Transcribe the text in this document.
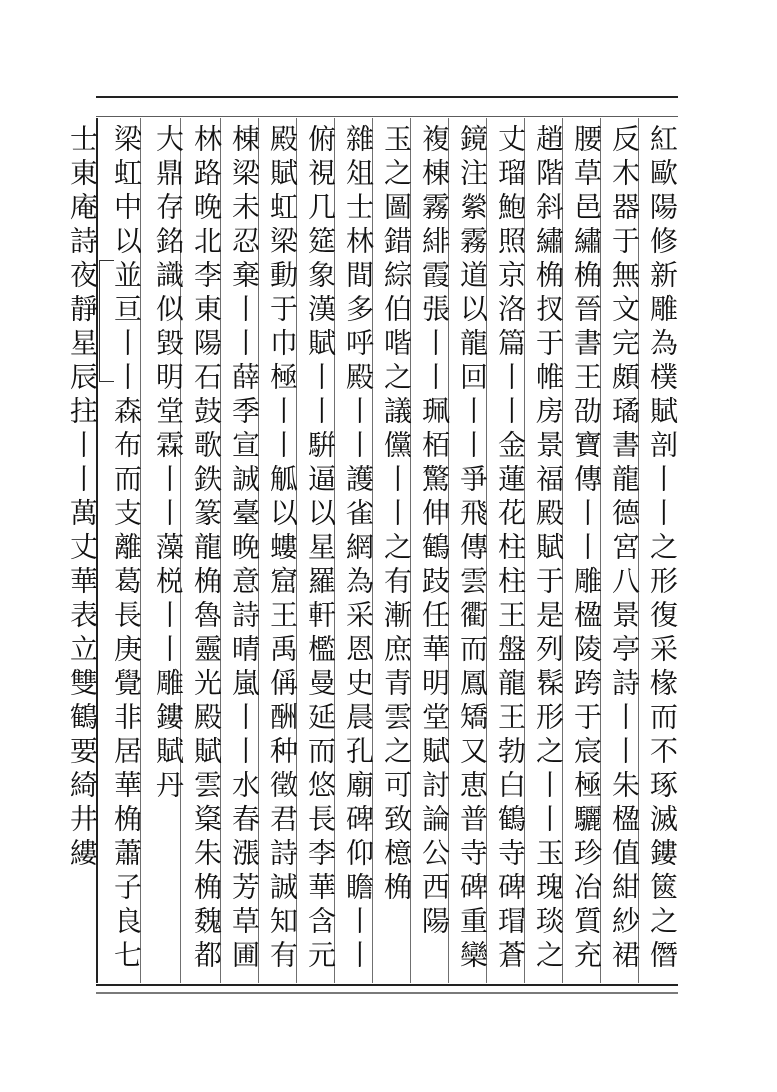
紅歐陽修新雕為樸賦剖丨丨之形復采椽而不琢滅鏤篋之僭
反木器于無文完頗璚書龍德宮八景亭詩丨丨朱楹值紺紗裙
腰草邑繡桷晉書王劭寶傳丨丨雕楹陵跨于宸極驪珍冶質充
趙階斜繡桷扠于帷房景福殿賦于是列髹形之丨丨玉瑰琰之
丈瑠鮑照京洛篇丨丨金蓮花柱柱王盤龍王勃白鶴寺碑瑁蒼
鏡注縈霧道以龍回丨丨爭飛傳雲衢而鳳矯又恵普寺碑重欒
複棟霧緋霞張丨丨珮栢驚伸鶴跂任華明堂賦討論公西陽
玉之圖錯綜伯喈之議儻丨丨之有漸庶青雲之可致檍桷
雜俎士林間多呼殿丨丨護雀網為采恩史晨孔廟碑仰瞻丨丨
俯視几筵象漢賦丨丨騈逼以星羅軒檻曼延而悠長李華含元
殿賦虹梁動于巾極丨丨觚以螻窟王禹偁酬种徵君詩誠知有
棟梁未忍棄丨丨薛季宣誠臺晚意詩晴嵐丨丨水春漲芳草圃
林路晚北李東陽石鼓歌鉄篆龍桷魯靈光殿賦雲楶朱桷魏都
大鼎存銘識似毀明堂霖丨丨藻棁丨丨雕鏤賦丹
梁虹中以並亘丨丨森布而支離葛長庚覺非居華桷蕭子良七
士東庵詩夜靜星辰拄丨丨萬丈華表立雙鶴要綺井縷
